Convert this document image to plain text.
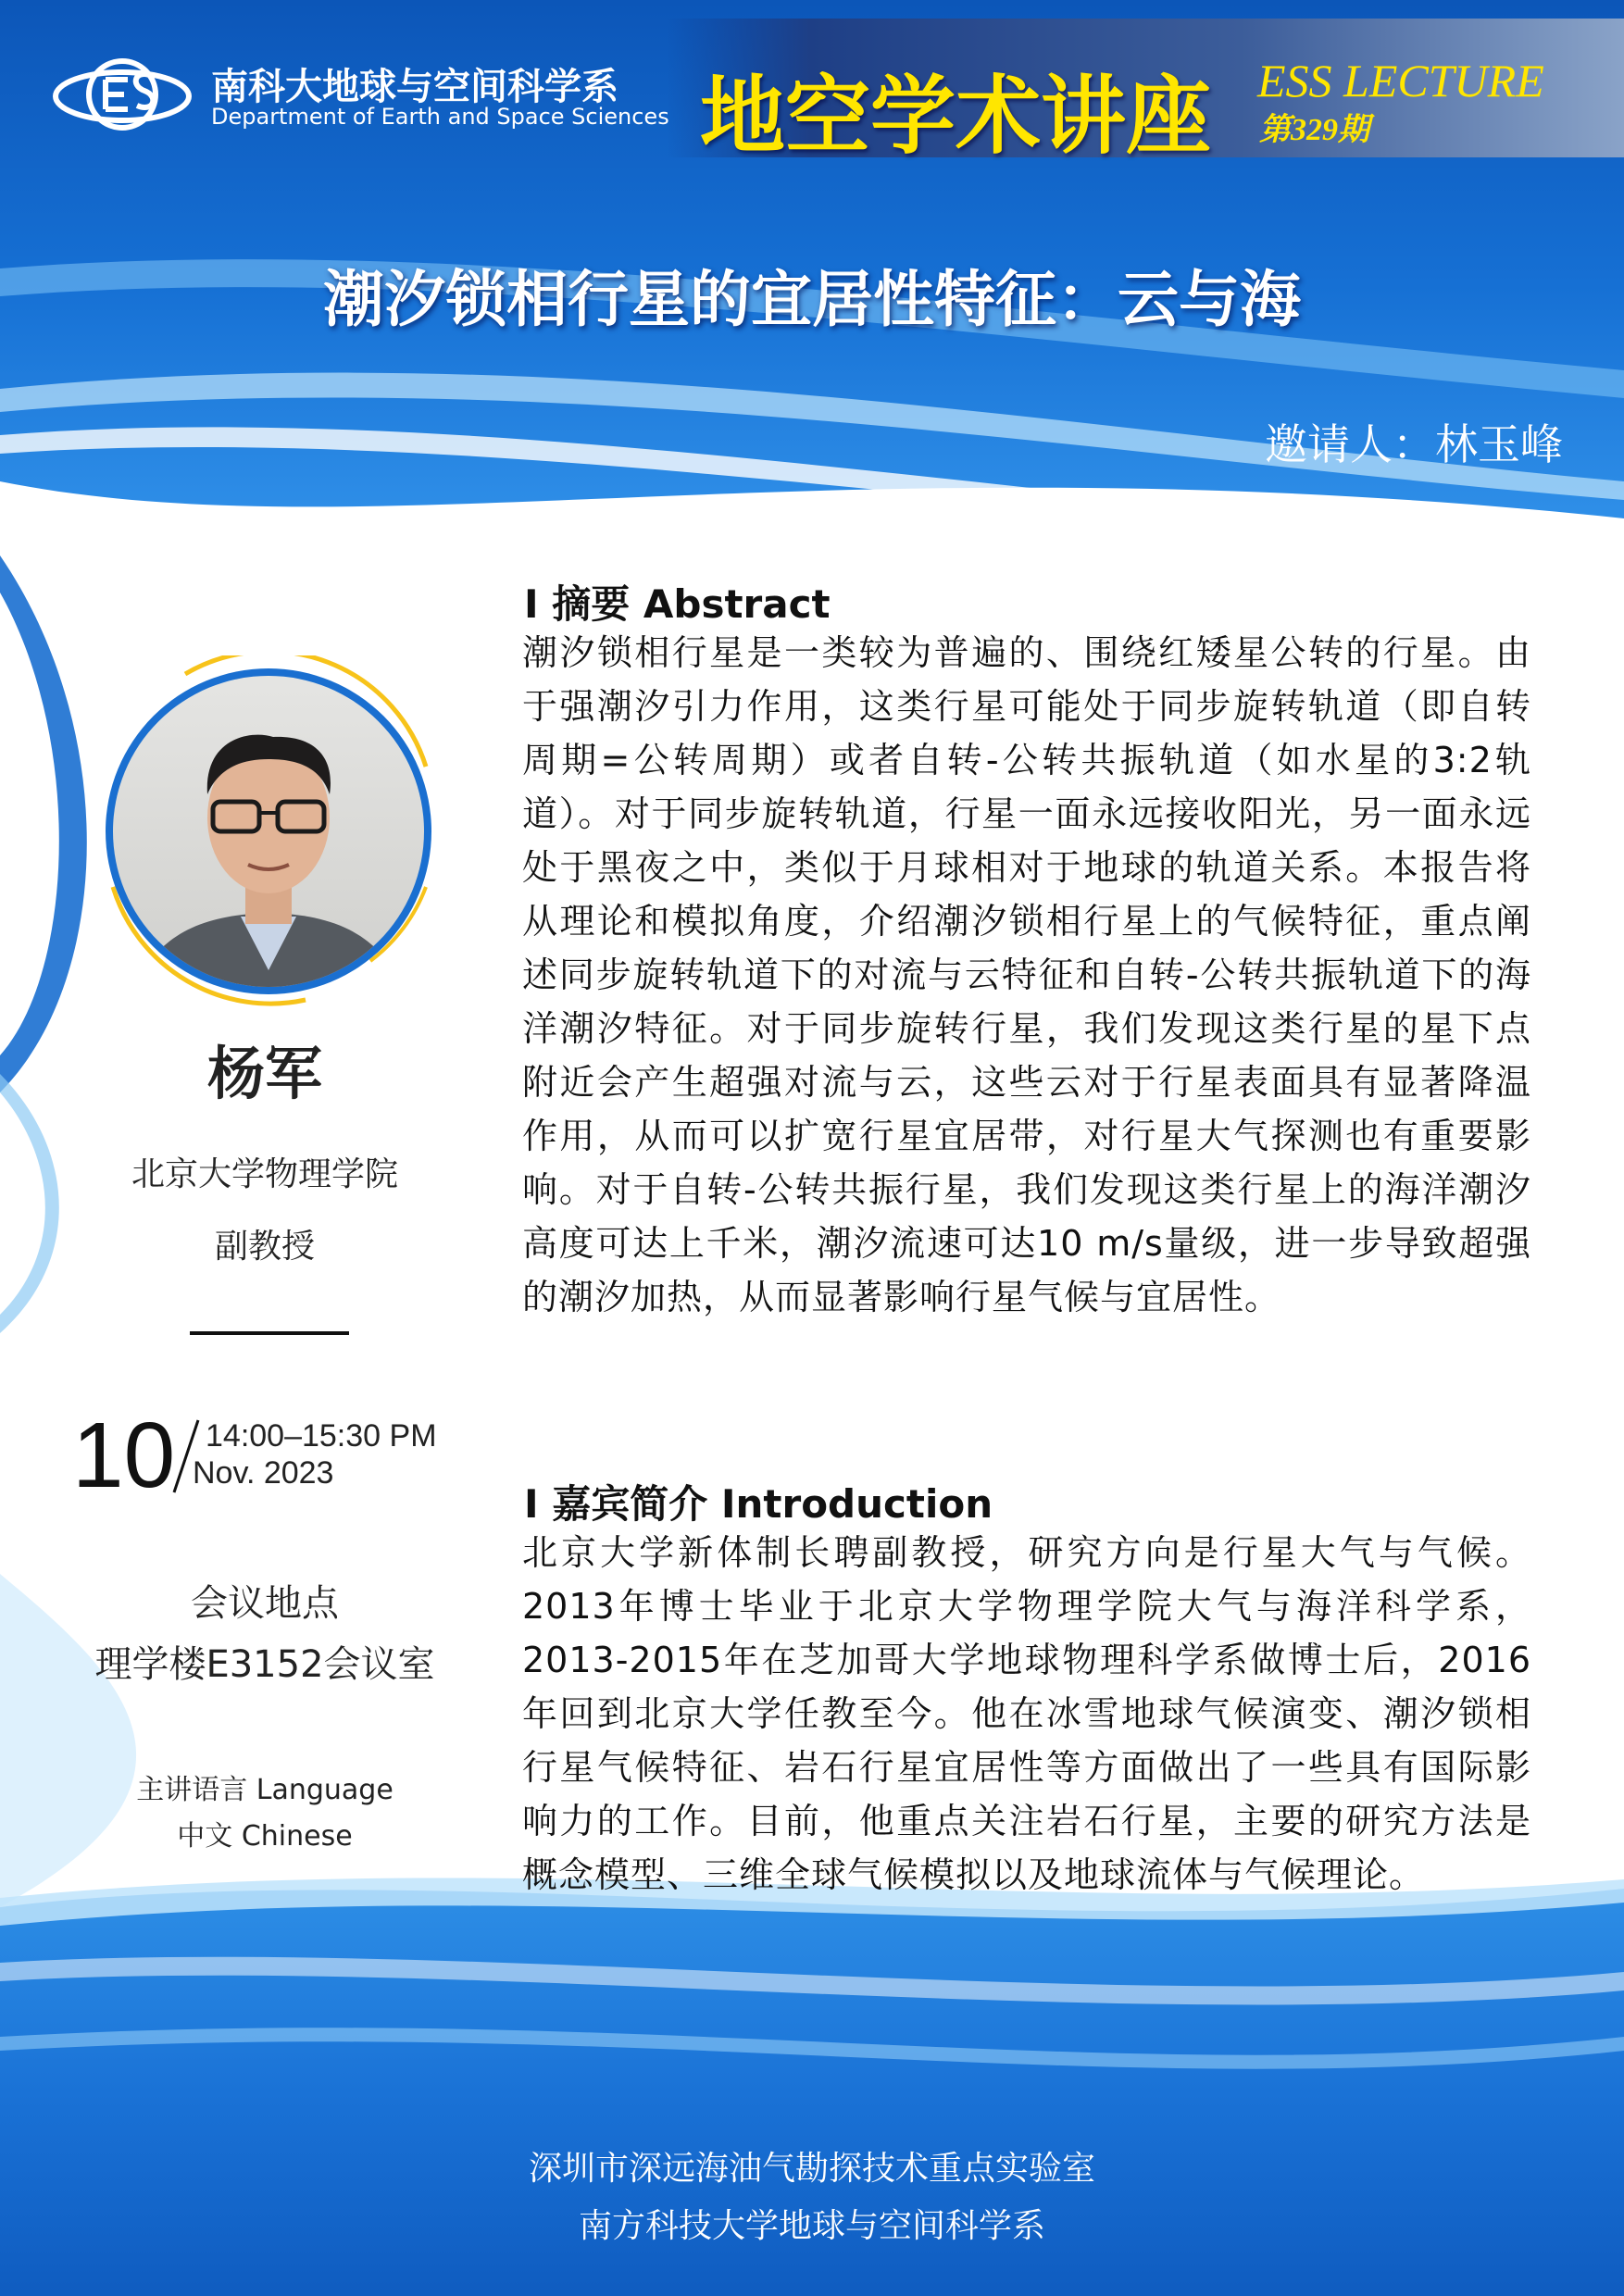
南科大地球与空间科学系
Department of Earth and Space Sciences 地空学术讲座 ESS LECTURE
第329期
潮汐锁相行星的宜居性特征：云与海
邀请人：林玉峰
杨军
北京大学物理学院
副教授
10 14:00–15:30 PM
Nov. 2023
会议地点
理学楼E3152会议室
主讲语言 Language
中文 Chinese
I 摘要 Abstract
潮汐锁相行星是一类较为普遍的、围绕红矮星公转的行星。由于强潮汐引力作用，这类行星可能处于同步旋转轨道（即自转周期=公转周期）或者自转-公转共振轨道（如水星的3:2轨道）。对于同步旋转轨道，行星一面永远接收阳光，另一面永远处于黑夜之中，类似于月球相对于地球的轨道关系。本报告将从理论和模拟角度，介绍潮汐锁相行星上的气候特征，重点阐述同步旋转轨道下的对流与云特征和自转-公转共振轨道下的海洋潮汐特征。对于同步旋转行星，我们发现这类行星的星下点附近会产生超强对流与云，这些云对于行星表面具有显著降温作用，从而可以扩宽行星宜居带，对行星大气探测也有重要影响。对于自转-公转共振行星，我们发现这类行星上的海洋潮汐高度可达上千米，潮汐流速可达10 m/s量级，进一步导致超强的潮汐加热，从而显著影响行星气候与宜居性。
I 嘉宾简介 Introduction
北京大学新体制长聘副教授，研究方向是行星大气与气候。2013年博士毕业于北京大学物理学院大气与海洋科学系，2013-2015年在芝加哥大学地球物理科学系做博士后，2016年回到北京大学任教至今。他在冰雪地球气候演变、潮汐锁相行星气候特征、岩石行星宜居性等方面做出了一些具有国际影响力的工作。目前，他重点关注岩石行星，主要的研究方法是概念模型、三维全球气候模拟以及地球流体与气候理论。
深圳市深远海油气勘探技术重点实验室
南方科技大学地球与空间科学系
